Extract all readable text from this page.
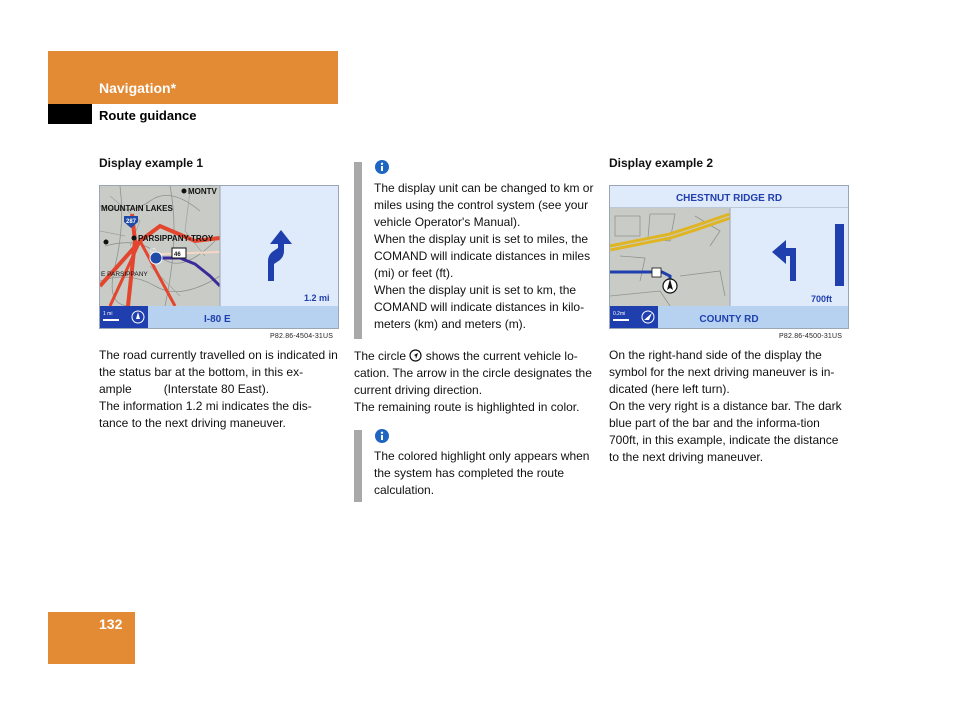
Navigation*
Route guidance
Display example 1
287
46
80
MONTV
MOUNTAIN LAKES
PARSIPPANY-TROY
E PARSIPPANY
1.2 mi
1 mi	I-80 E
P82.86-4504-31US

The road currently travelled on is indicated in the status bar at the bottom, in this ex-
ample	(Interstate 80 East).

The information 1.2 mi indicates the dis-tance to the next driving maneuver.

The display unit can be changed to km or miles using the control system (see your vehicle Operator's Manual).

When the display unit is set to miles, the COMAND will indicate distances in miles (mi) or feet (ft).

When the display unit is set to km, the COMAND will indicate distances in kilo-meters (km) and meters (m).

The circle shows the current vehicle lo-cation. The arrow in the circle designates the current driving direction.

The remaining route is highlighted in color.

The colored highlight only appears when the system has completed the route calculation.
Display example 2
CHESTNUT RIDGE RD
700ft
0.2mi	COUNTY RD
P82.86-4500-31US

On the right-hand side of the display the symbol for the next driving maneuver is in-dicated (here left turn).

On the very right is a distance bar. The dark blue part of the bar and the informa-tion 700ft, in this example, indicate the distance to the next driving maneuver.

132
